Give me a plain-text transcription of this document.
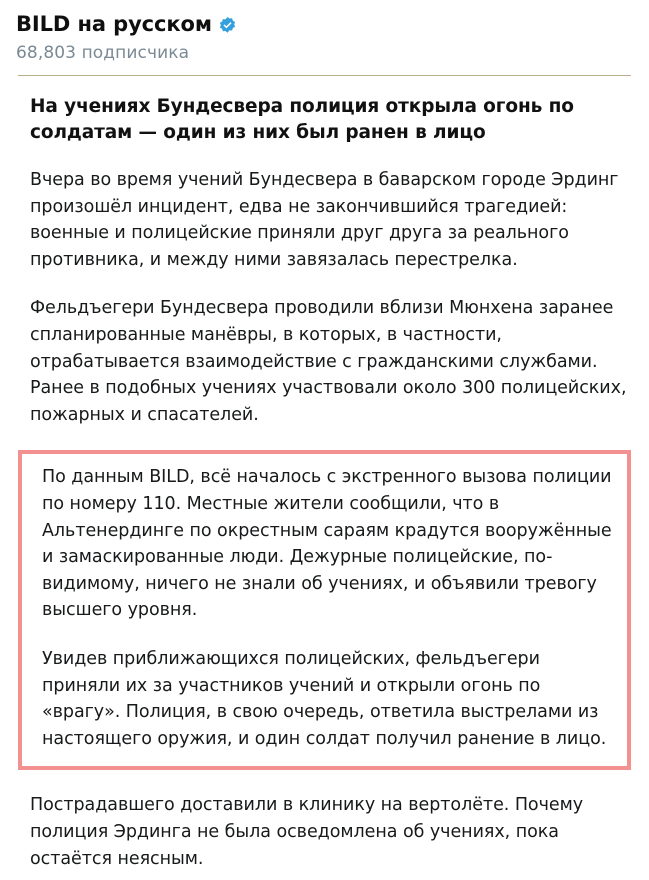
BILD на русском
68,803 подписчика
На учениях Бундесвера полиция открыла огонь по солдатам — один из них был ранен в лицо

Вчера во время учений Бундесвера в баварском городе Эрдинг произошёл инцидент, едва не закончившийся трагедией: военные и полицейские приняли друг друга за реального противника, и между ними завязалась перестрелка.

Фельдъегери Бундесвера проводили вблизи Мюнхена заранее спланированные манёвры, в которых, в частности, отрабатывается взаимодействие с гражданскими службами. Ранее в подобных учениях участвовали около 300 полицейских, пожарных и спасателей.

По данным BILD, всё началось с экстренного вызова полиции по номеру 110. Местные жители сообщили, что в Альтенердинге по окрестным сараям крадутся вооружённые и замаскированные люди. Дежурные полицейские, по-видимому, ничего не знали об учениях, и объявили тревогу высшего уровня.

Увидев приближающихся полицейских, фельдъегери приняли их за участников учений и открыли огонь по «врагу». Полиция, в свою очередь, ответила выстрелами из настоящего оружия, и один солдат получил ранение в лицо.

Пострадавшего доставили в клинику на вертолёте. Почему полиция Эрдинга не была осведомлена об учениях, пока остаётся неясным.
